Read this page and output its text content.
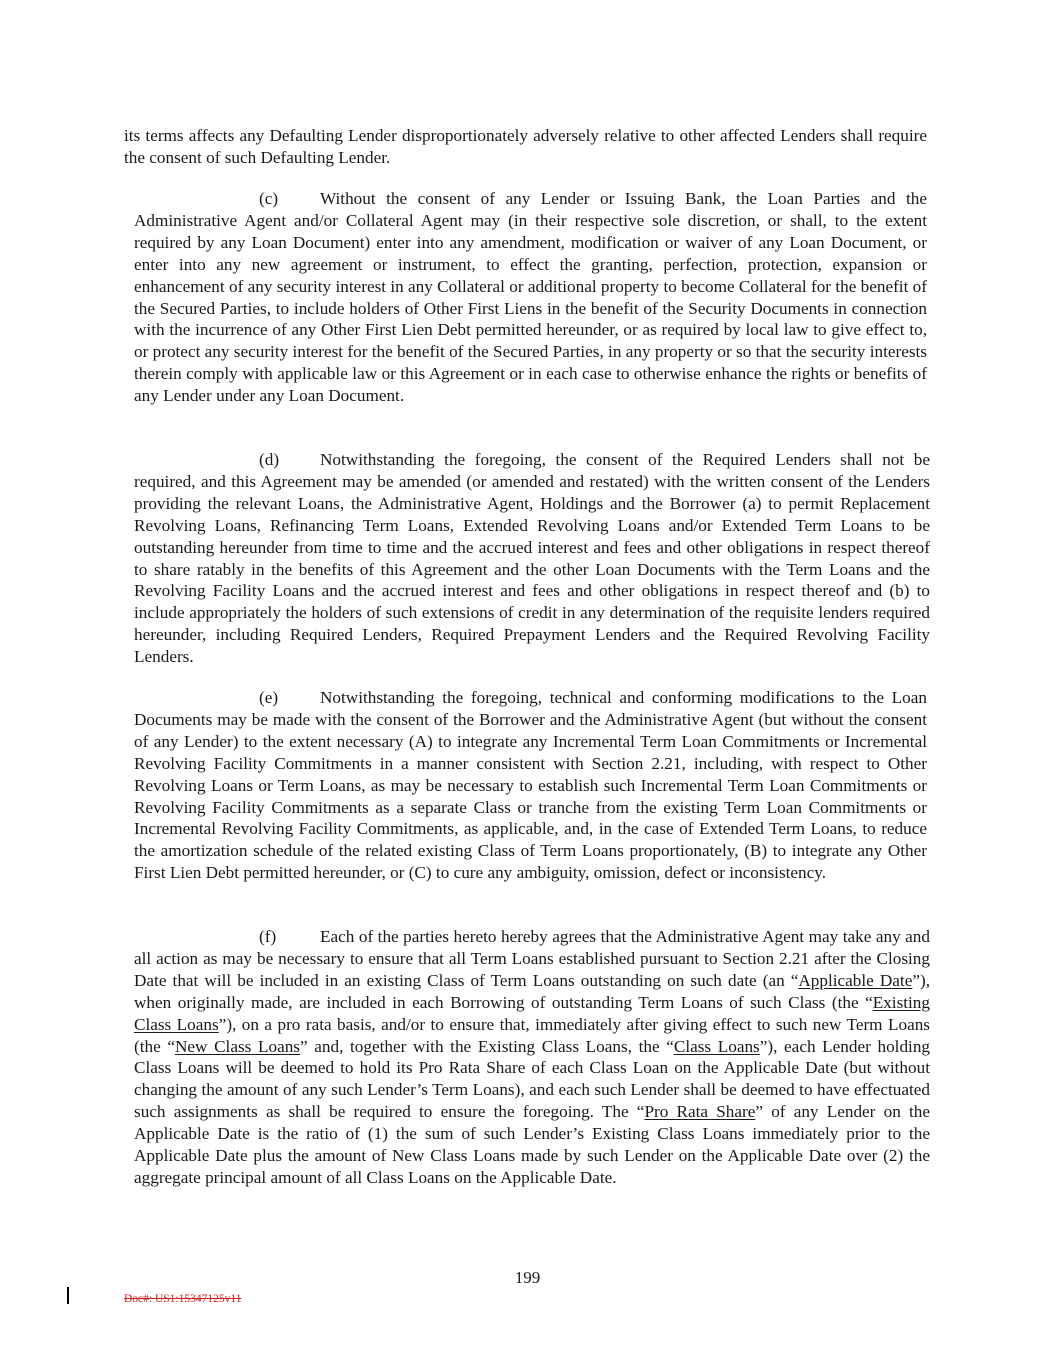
its terms affects any Defaulting Lender disproportionately adversely relative to other affected Lenders shall require the consent of such Defaulting Lender.

(c) Without the consent of any Lender or Issuing Bank, the Loan Parties and the Administrative Agent and/or Collateral Agent may (in their respective sole discretion, or shall, to the extent required by any Loan Document) enter into any amendment, modification or waiver of any Loan Document, or enter into any new agreement or instrument, to effect the granting, perfection, protection, expansion or enhancement of any security interest in any Collateral or additional property to become Collateral for the benefit of the Secured Parties, to include holders of Other First Liens in the benefit of the Security Documents in connection with the incurrence of any Other First Lien Debt permitted hereunder, or as required by local law to give effect to, or protect any security interest for the benefit of the Secured Parties, in any property or so that the security interests therein comply with applicable law or this Agreement or in each case to otherwise enhance the rights or benefits of any Lender under any Loan Document.

(d) Notwithstanding the foregoing, the consent of the Required Lenders shall not be required, and this Agreement may be amended (or amended and restated) with the written consent of the Lenders providing the relevant Loans, the Administrative Agent, Holdings and the Borrower (a) to permit Replacement Revolving Loans, Refinancing Term Loans, Extended Revolving Loans and/or Extended Term Loans to be outstanding hereunder from time to time and the accrued interest and fees and other obligations in respect thereof to share ratably in the benefits of this Agreement and the other Loan Documents with the Term Loans and the Revolving Facility Loans and the accrued interest and fees and other obligations in respect thereof and (b) to include appropriately the holders of such extensions of credit in any determination of the requisite lenders required hereunder, including Required Lenders, Required Prepayment Lenders and the Required Revolving Facility Lenders.

(e) Notwithstanding the foregoing, technical and conforming modifications to the Loan Documents may be made with the consent of the Borrower and the Administrative Agent (but without the consent of any Lender) to the extent necessary (A) to integrate any Incremental Term Loan Commitments or Incremental Revolving Facility Commitments in a manner consistent with Section 2.21, including, with respect to Other Revolving Loans or Term Loans, as may be necessary to establish such Incremental Term Loan Commitments or Revolving Facility Commitments as a separate Class or tranche from the existing Term Loan Commitments or Incremental Revolving Facility Commitments, as applicable, and, in the case of Extended Term Loans, to reduce the amortization schedule of the related existing Class of Term Loans proportionately, (B) to integrate any Other First Lien Debt permitted hereunder, or (C) to cure any ambiguity, omission, defect or inconsistency.

(f)	Each of the parties hereto hereby agrees that the Administrative Agent may take any and all action as may be necessary to ensure that all Term Loans established pursuant to Section 2.21 after the Closing Date that will be included in an existing Class of Term Loans outstanding on such date (an “Applicable Date”), when originally made, are included in each Borrowing of outstanding Term Loans of such Class (the “Existing Class Loans”), on a pro rata basis, and/or to ensure that, immediately after giving effect to such new Term Loans (the “New Class Loans” and, together with the Existing Class Loans, the “Class Loans”), each Lender holding Class Loans will be deemed to hold its Pro Rata Share of each Class Loan on the Applicable Date (but without changing the amount of any such Lender’s Term Loans), and each such Lender shall be deemed to have effectuated such assignments as shall be required to ensure the foregoing. The “Pro Rata Share” of any Lender on the Applicable Date is the ratio of (1) the sum of such Lender’s Existing Class Loans immediately prior to the Applicable Date plus the amount of New Class Loans made by such Lender on the Applicable Date over (2) the aggregate principal amount of all Class Loans on the Applicable Date.

199
Doc#: US1:15347125v11
